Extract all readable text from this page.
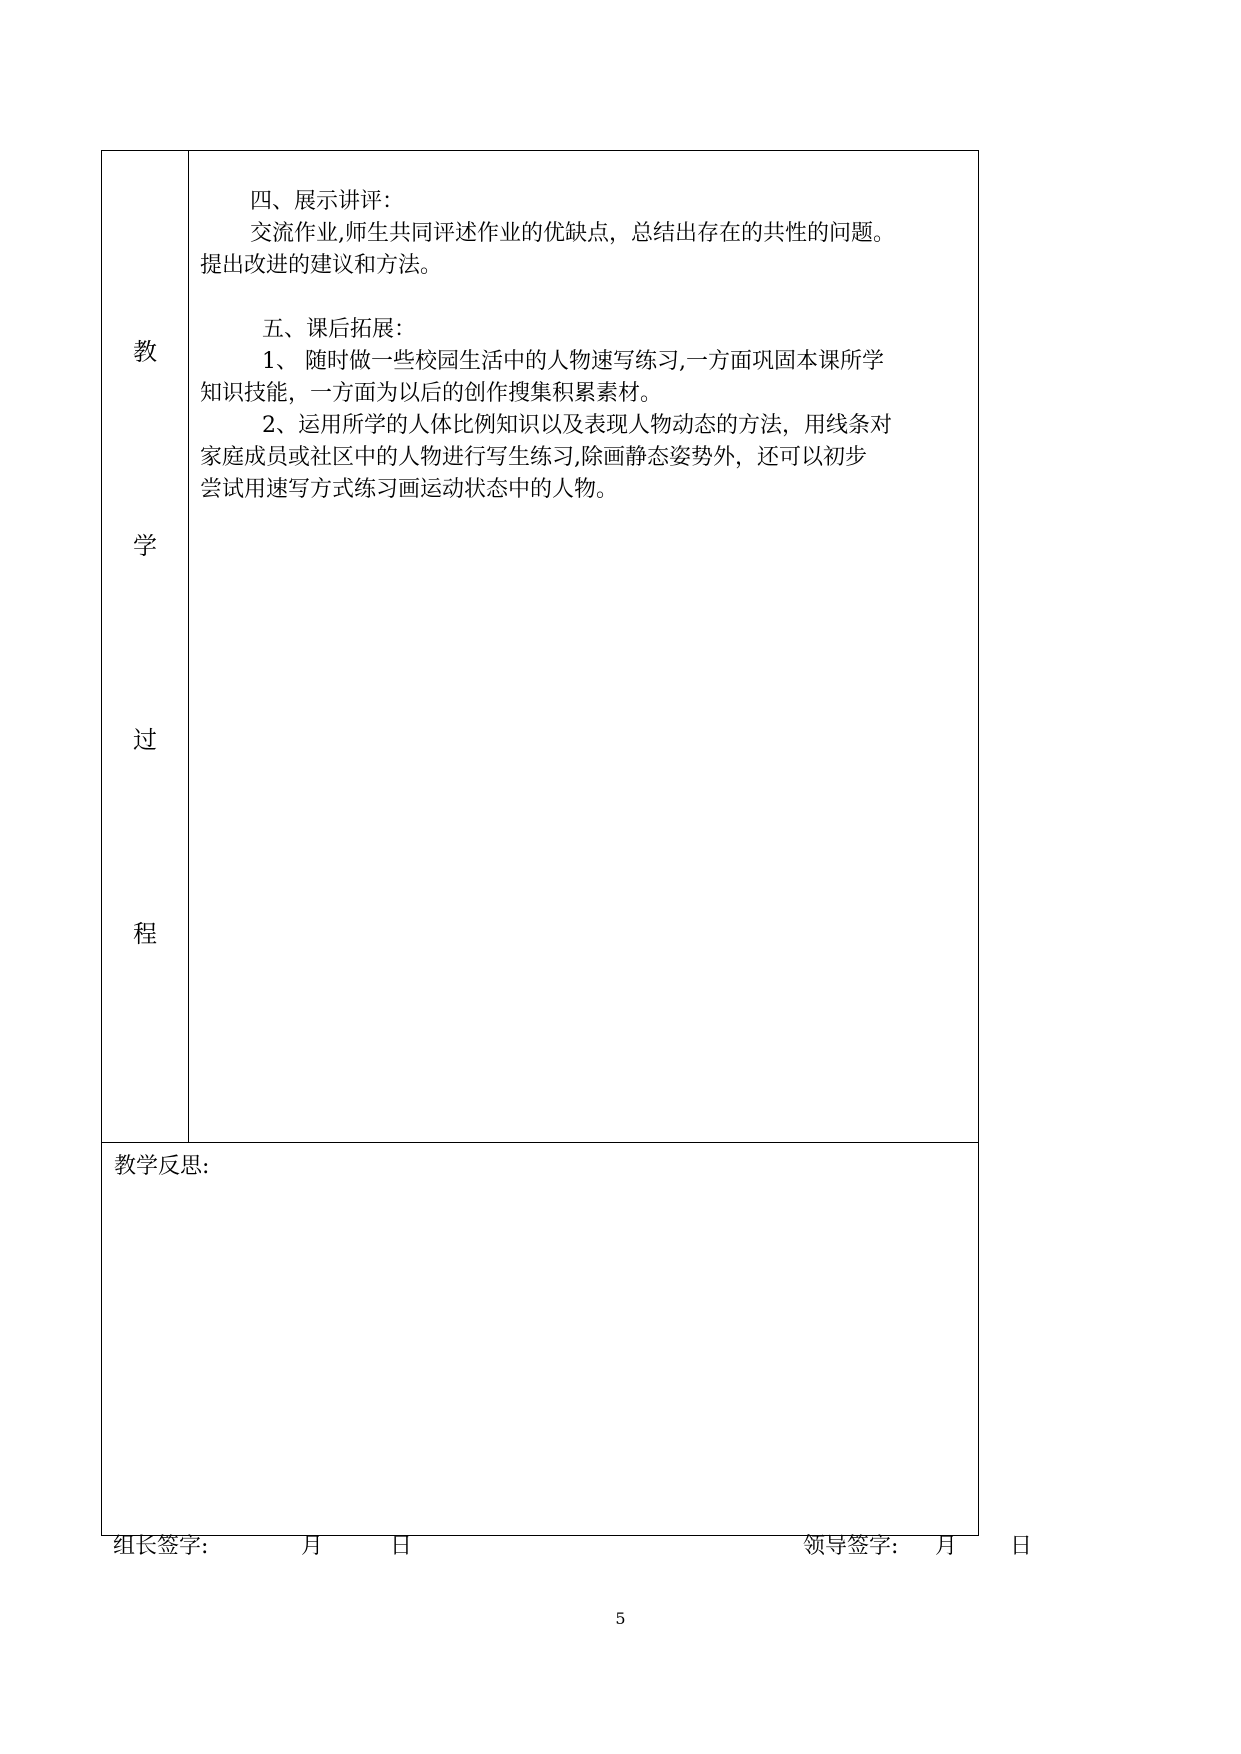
教
学
过
程

四、展示讲评：

交流作业,师生共同评述作业的优缺点，总结出存在的共性的问题。

提出改进的建议和方法。

五、课后拓展：

1、 随时做一些校园生活中的人物速写练习,一方面巩固本课所学

知识技能，一方面为以后的创作搜集积累素材。

2、运用所学的人体比例知识以及表现人物动态的方法，用线条对

家庭成员或社区中的人物进行写生练习,除画静态姿势外，还可以初步

尝试用速写方式练习画运动状态中的人物。

教学反思:
组长签字:	月	日	领导签字: 月 日
5
